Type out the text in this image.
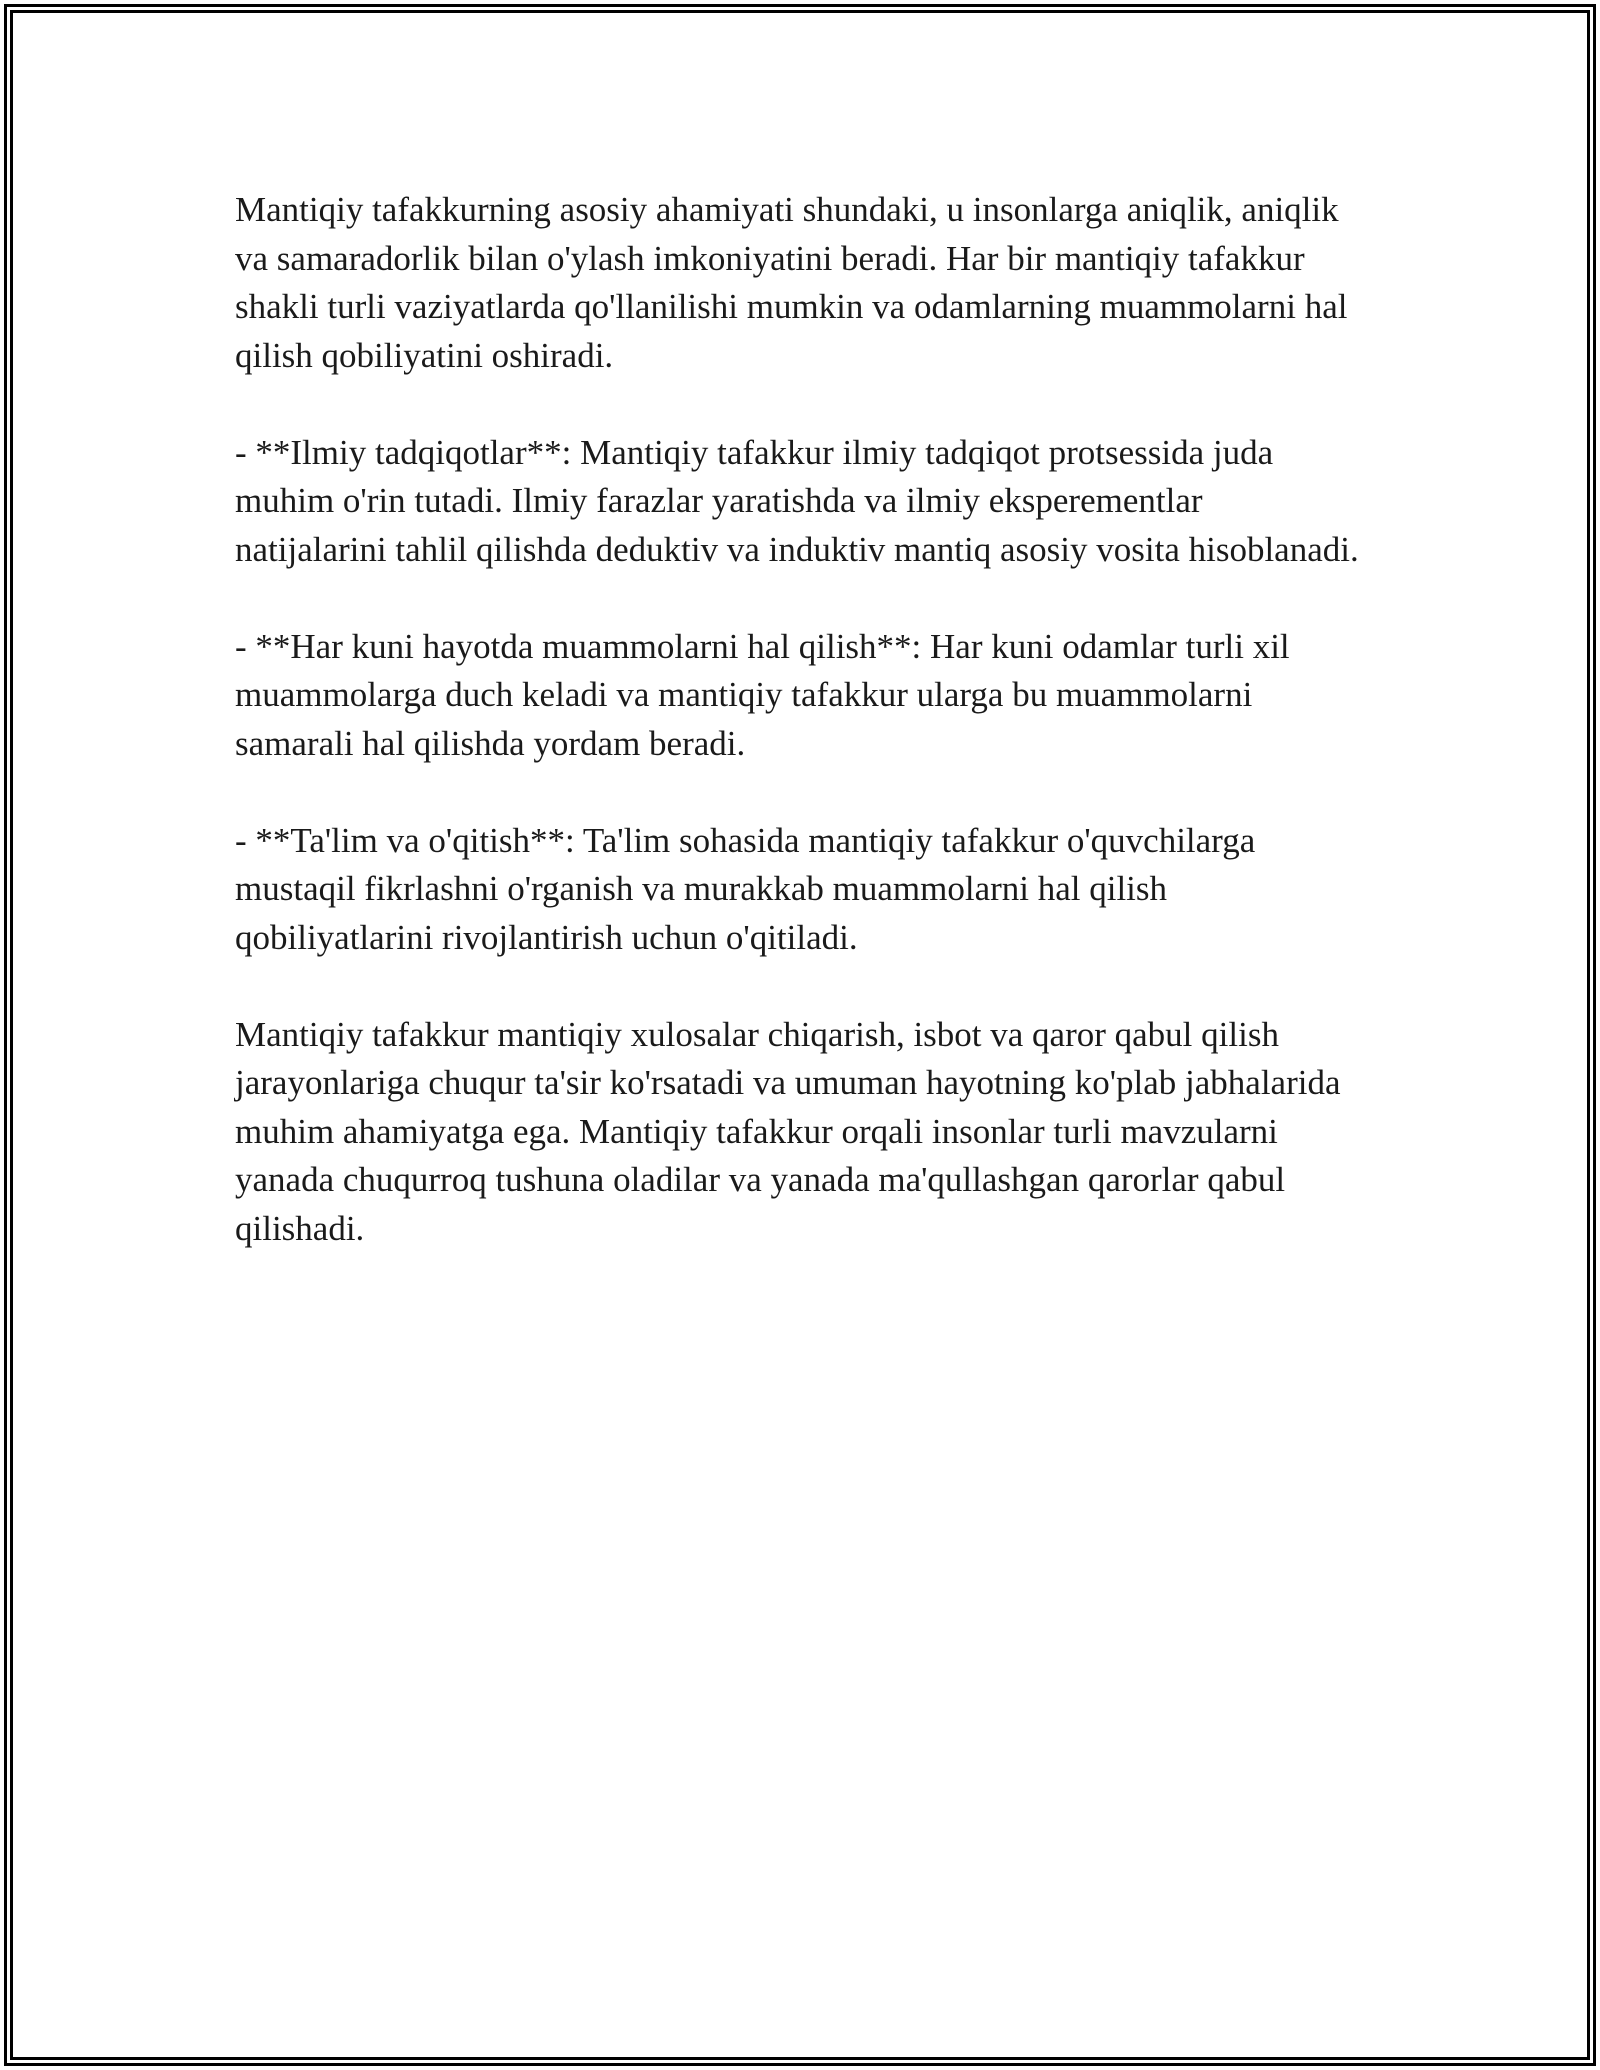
Mantiqiy tafakkurning asosiy ahamiyati shundaki, u insonlarga aniqlik, aniqlik va samaradorlik bilan o'ylash imkoniyatini beradi. Har bir mantiqiy tafakkur shakli turli vaziyatlarda qo'llanilishi mumkin va odamlarning muammolarni hal qilish qobiliyatini oshiradi.

- **Ilmiy tadqiqotlar**: Mantiqiy tafakkur ilmiy tadqiqot protsessida juda muhim o'rin tutadi. Ilmiy farazlar yaratishda va ilmiy eksperementlar natijalarini tahlil qilishda deduktiv va induktiv mantiq asosiy vosita hisoblanadi.

- **Har kuni hayotda muammolarni hal qilish**: Har kuni odamlar turli xil muammolarga duch keladi va mantiqiy tafakkur ularga bu muammolarni samarali hal qilishda yordam beradi.

- **Ta'lim va o'qitish**: Ta'lim sohasida mantiqiy tafakkur o'quvchilarga mustaqil fikrlashni o'rganish va murakkab muammolarni hal qilish qobiliyatlarini rivojlantirish uchun o'qitiladi.

Mantiqiy tafakkur mantiqiy xulosalar chiqarish, isbot va qaror qabul qilish jarayonlariga chuqur ta'sir ko'rsatadi va umuman hayotning ko'plab jabhalarida muhim ahamiyatga ega. Mantiqiy tafakkur orqali insonlar turli mavzularni yanada chuqurroq tushuna oladilar va yanada ma'qullashgan qarorlar qabul qilishadi.
